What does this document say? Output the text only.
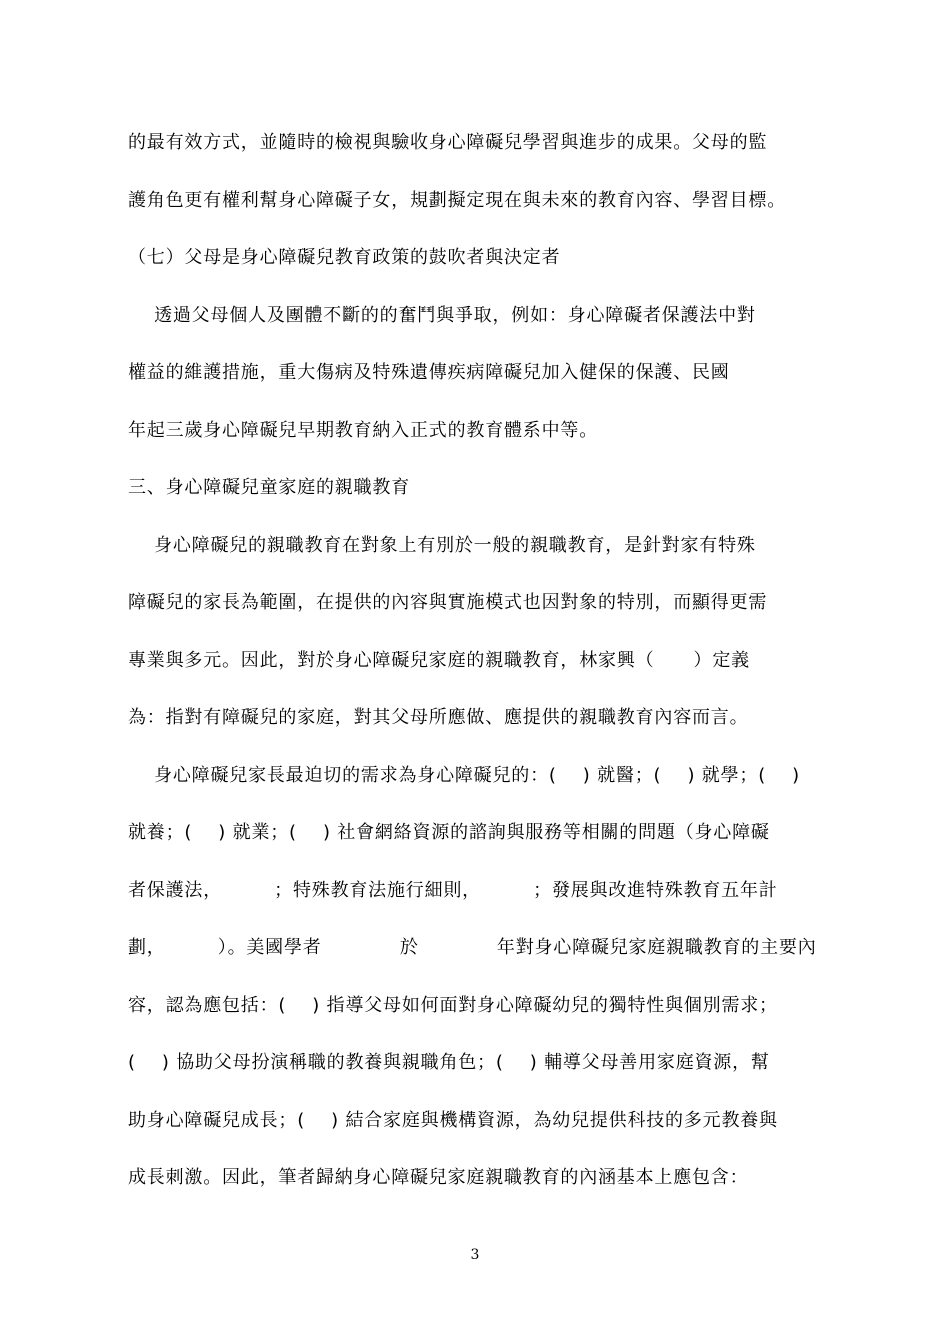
的最有效方式，並隨時的檢視與驗收身心障礙兒學習與進步的成果。父母的監
護角色更有權利幫身心障礙子女，規劃擬定現在與未來的教育內容、學習目標。
（七）父母是身心障礙兒教育政策的鼓吹者與決定者
透過父母個人及團體不斷的的奮鬥與爭取，例如：身心障礙者保護法中對
權益的維護措施，重大傷病及特殊遺傳疾病障礙兒加入健保的保護、民國
年起三歲身心障礙兒早期教育納入正式的教育體系中等。
三、身心障礙兒童家庭的親職教育
身心障礙兒的親職教育在對象上有別於一般的親職教育，是針對家有特殊
障礙兒的家長為範圍，在提供的內容與實施模式也因對象的特別，而顯得更需
專業與多元。因此，對於身心障礙兒家庭的親職教育，林家興（      ）定義
為：指對有障礙兒的家庭，對其父母所應做、應提供的親職教育內容而言。
身心障礙兒家長最迫切的需求為身心障礙兒的：(    ) 就醫；(    ) 就學；(    )
就養；(    ) 就業；(    ) 社會網絡資源的諮詢與服務等相關的問題（身心障礙
者保護法，        ；特殊教育法施行細則，        ；發展與改進特殊教育五年計
劃，        ）。美國學者            於            年對身心障礙兒家庭親職教育的主要內
容，認為應包括：(    ) 指導父母如何面對身心障礙幼兒的獨特性與個別需求；
(    ) 協助父母扮演稱職的教養與親職角色；(    ) 輔導父母善用家庭資源，幫
助身心障礙兒成長；(    ) 結合家庭與機構資源，為幼兒提供科技的多元教養與
成長刺激。因此，筆者歸納身心障礙兒家庭親職教育的內涵基本上應包含：
3
